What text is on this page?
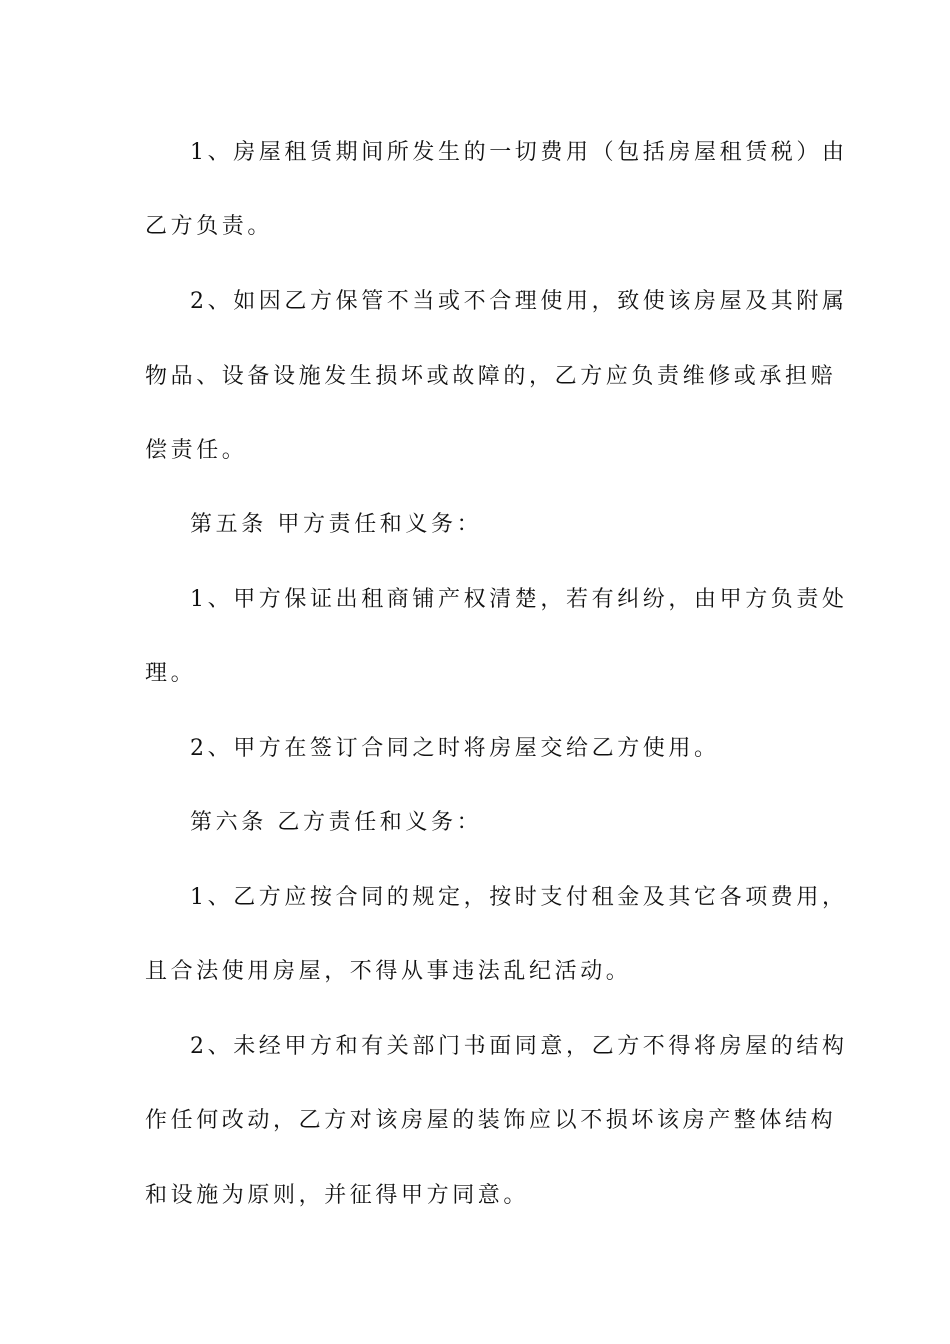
1、房屋租赁期间所发生的一切费用（包括房屋租赁税）由
乙方负责。
2、如因乙方保管不当或不合理使用，致使该房屋及其附属
物品、设备设施发生损坏或故障的，乙方应负责维修或承担赔
偿责任。
第五条 甲方责任和义务：
1、甲方保证出租商铺产权清楚，若有纠纷，由甲方负责处
理。
2、甲方在签订合同之时将房屋交给乙方使用。
第六条 乙方责任和义务：
1、乙方应按合同的规定，按时支付租金及其它各项费用，
且合法使用房屋，不得从事违法乱纪活动。
2、未经甲方和有关部门书面同意，乙方不得将房屋的结构
作任何改动，乙方对该房屋的装饰应以不损坏该房产整体结构
和设施为原则，并征得甲方同意。
